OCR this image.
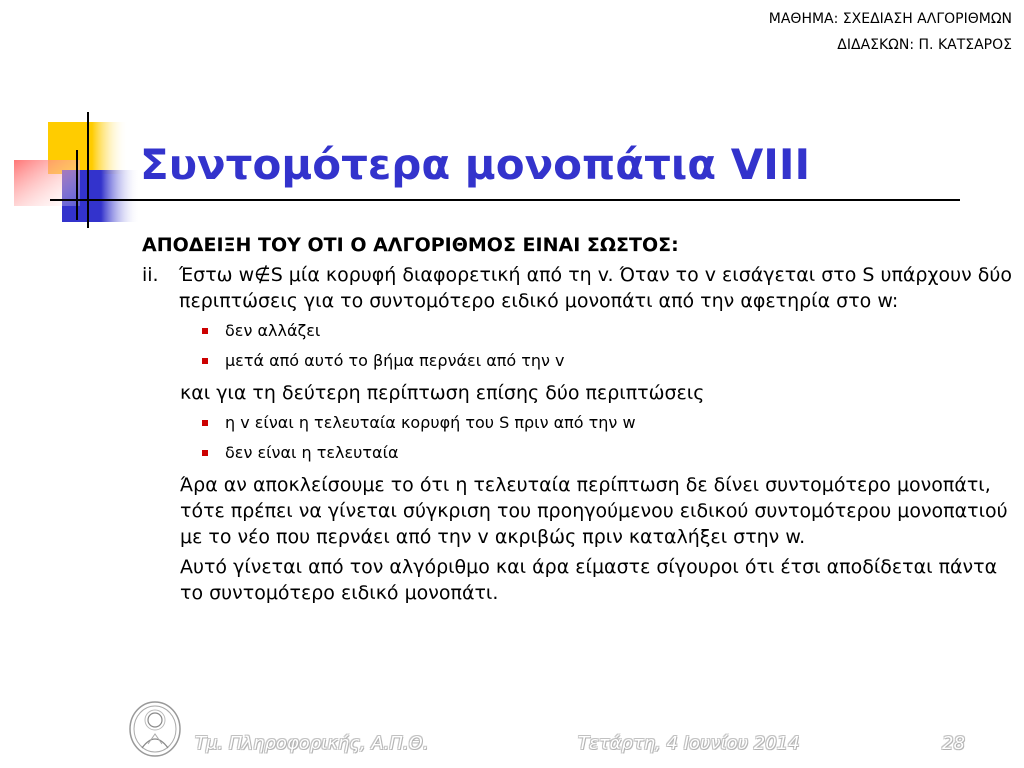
ΜΑΘΗΜΑ: ΣΧΕΔΙΑΣΗ ΑΛΓΟΡΙΘΜΩΝ
ΔΙΔΑΣΚΩΝ: Π. ΚΑΤΣΑΡΟΣ
Συντομότερα μονοπάτια VIII

ΑΠΟΔΕΙΞΗ ΤΟΥ ΟΤΙ Ο ΑΛΓΟΡΙΘΜΟΣ ΕΙΝΑΙ ΣΩΣΤΟΣ:

ii.	Έστω w∉S μία κορυφή διαφορετική από τη v. Όταν το v εισάγεται στο S υπάρχουν δύο περιπτώσεις για το συντομότερο ειδικό μονοπάτι από την αφετηρία στο w:
δεν αλλάζει
μετά από αυτό το βήμα περνάει από την v

και για τη δεύτερη περίπτωση επίσης δύο περιπτώσεις

η v είναι η τελευταία κορυφή του S πριν από την w
δεν είναι η τελευταία

Άρα αν αποκλείσουμε το ότι η τελευταία περίπτωση δε δίνει συντομότερο μονοπάτι, τότε πρέπει να γίνεται σύγκριση του προηγούμενου ειδικού συντομότερου μονοπατιού με το νέο που περνάει από την v ακριβώς πριν καταλήξει στην w.

Αυτό γίνεται από τον αλγόριθμο και άρα είμαστε σίγουροι ότι έτσι αποδίδεται πάντα το συντομότερο ειδικό μονοπάτι.

Τμ. Πληροφορικής, Α.Π.Θ.	Τετάρτη, 4 Ιουνίου 2014	28
